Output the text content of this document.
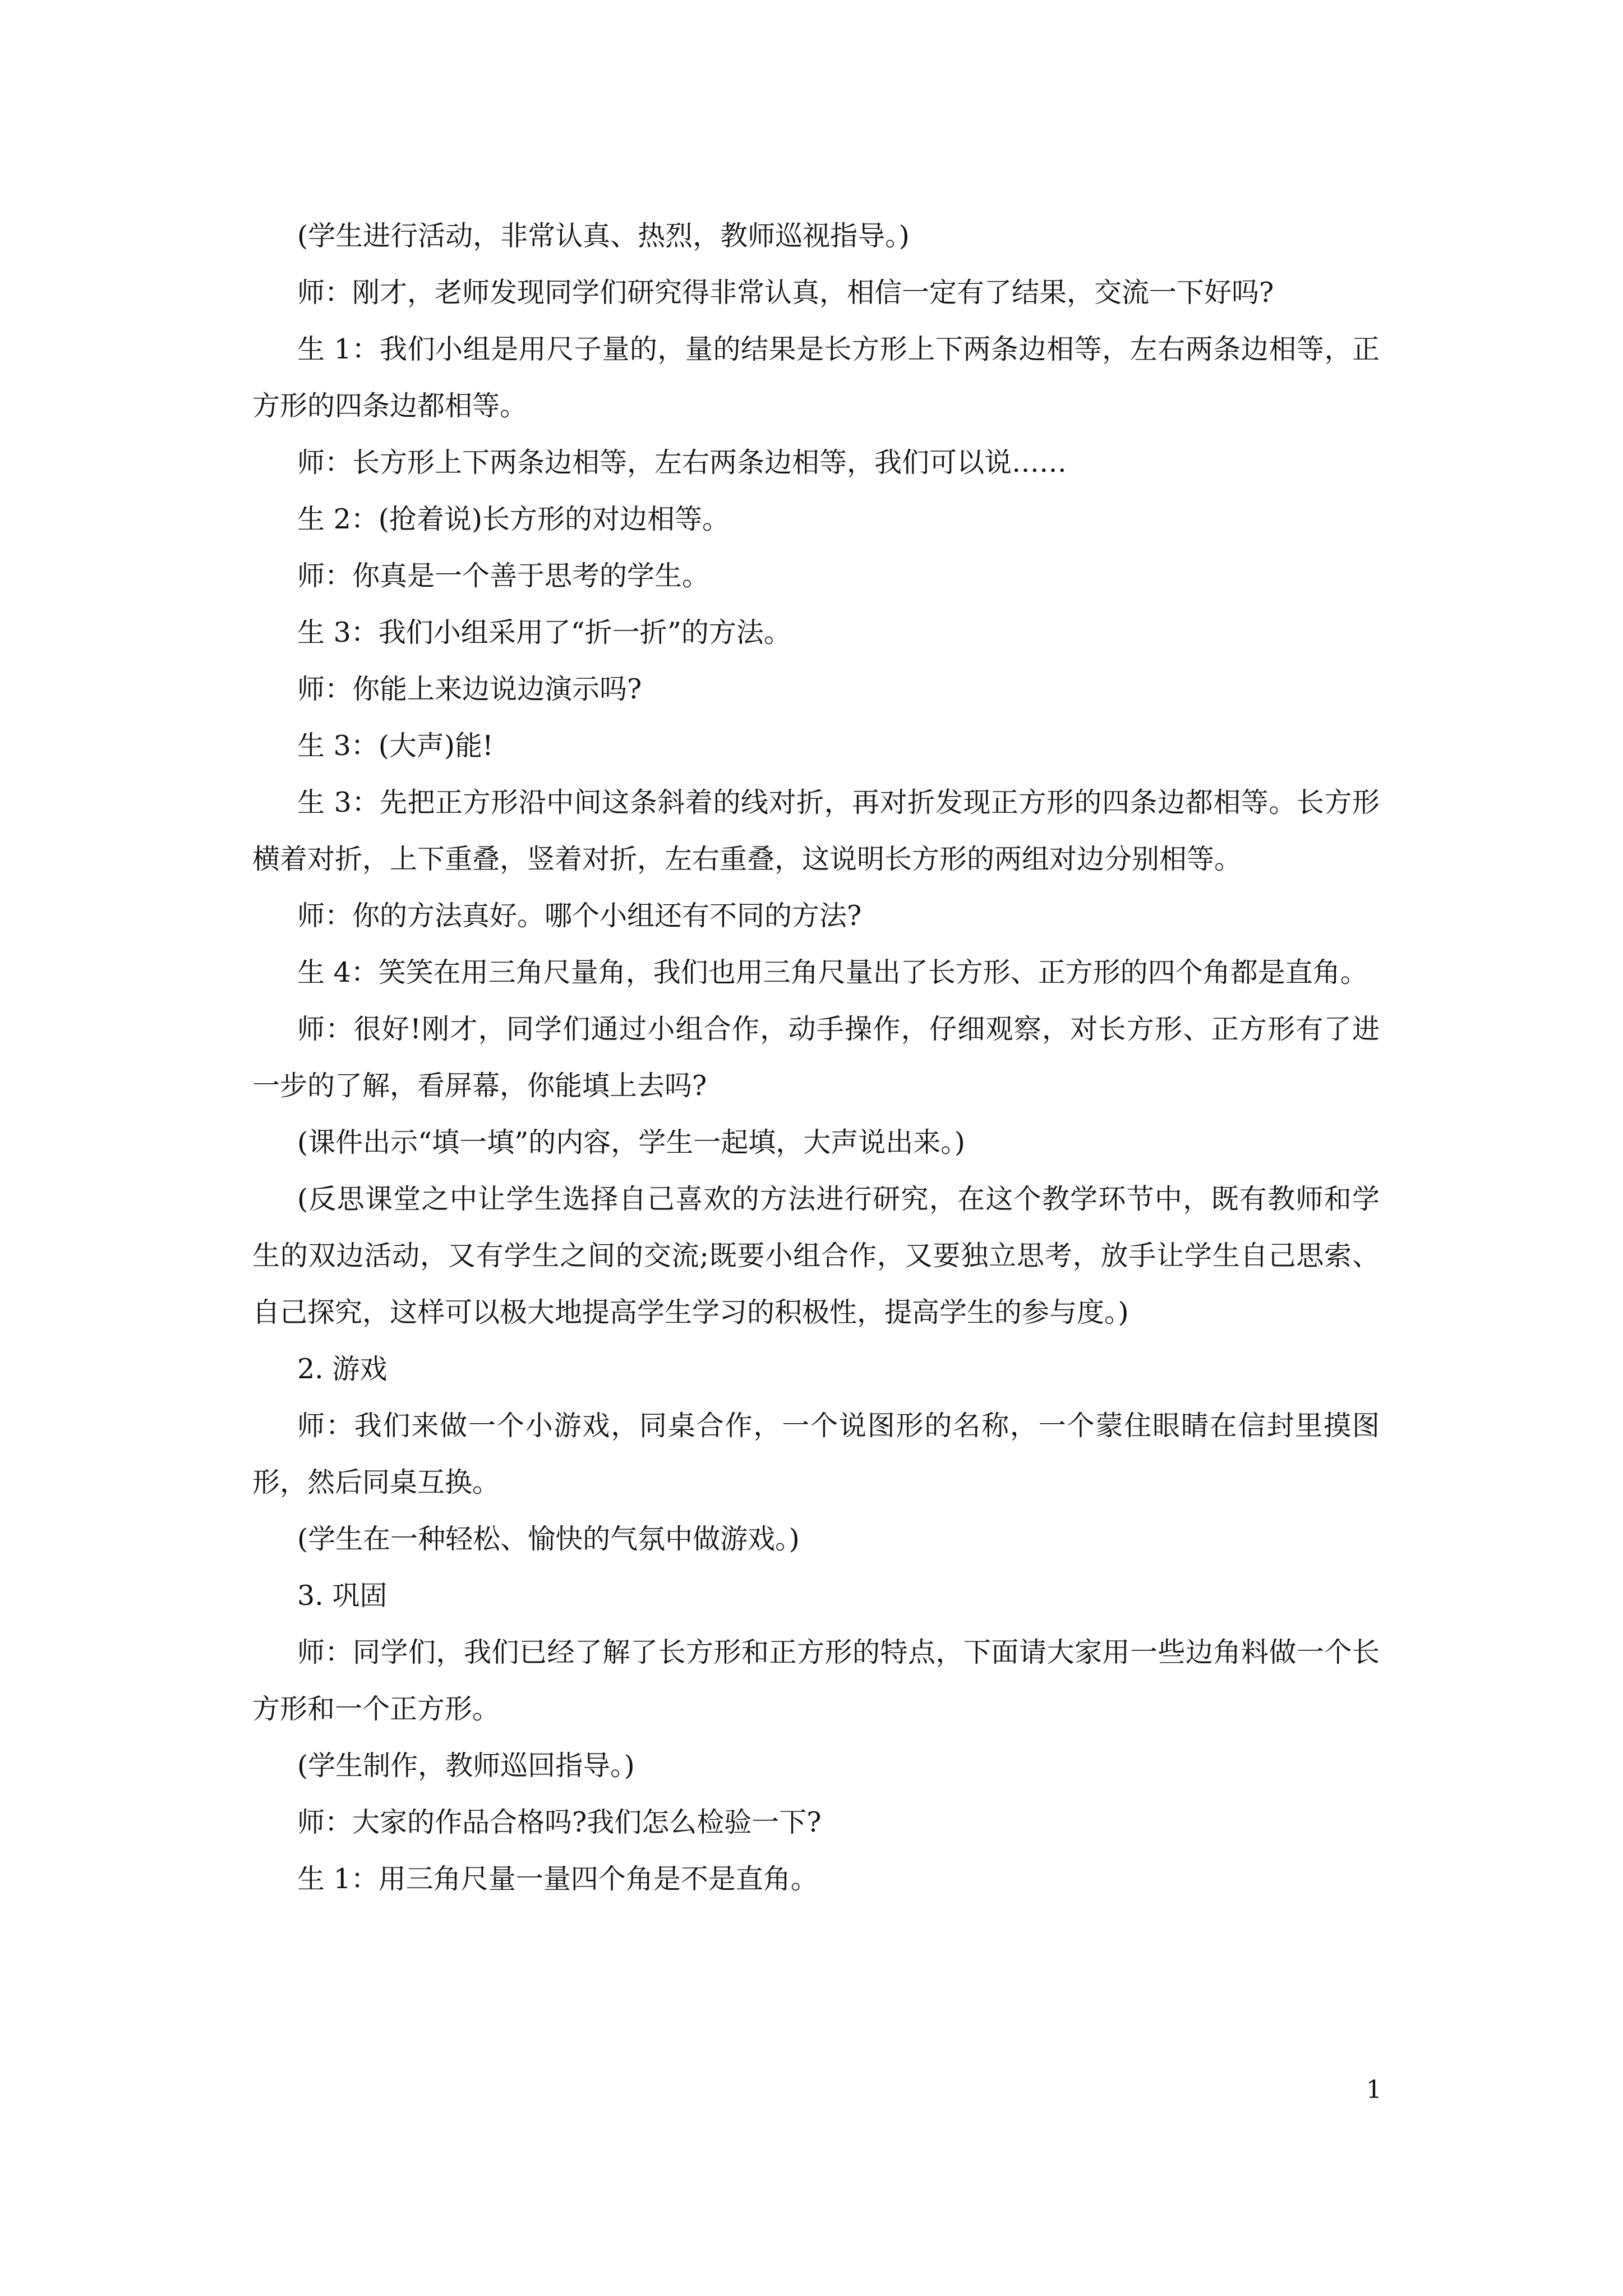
(学生进行活动，非常认真、热烈，教师巡视指导。)

师：刚才，老师发现同学们研究得非常认真，相信一定有了结果，交流一下好吗?

生 1：我们小组是用尺子量的，量的结果是长方形上下两条边相等，左右两条边相等，正方形的四条边都相等。

师：长方形上下两条边相等，左右两条边相等，我们可以说……

生 2：(抢着说)长方形的对边相等。

师：你真是一个善于思考的学生。

生 3：我们小组采用了“折一折”的方法。

师：你能上来边说边演示吗?

生 3：(大声)能!

生 3：先把正方形沿中间这条斜着的线对折，再对折发现正方形的四条边都相等。长方形横着对折，上下重叠，竖着对折，左右重叠，这说明长方形的两组对边分别相等。

师：你的方法真好。哪个小组还有不同的方法?

生 4：笑笑在用三角尺量角，我们也用三角尺量出了长方形、正方形的四个角都是直角。

师：很好!刚才，同学们通过小组合作，动手操作，仔细观察，对长方形、正方形有了进一步的了解，看屏幕，你能填上去吗?

(课件出示“填一填”的内容，学生一起填，大声说出来。)

(反思课堂之中让学生选择自己喜欢的方法进行研究，在这个教学环节中，既有教师和学生的双边活动，又有学生之间的交流;既要小组合作，又要独立思考，放手让学生自己思索、自己探究，这样可以极大地提高学生学习的积极性，提高学生的参与度。)

2. 游戏

师：我们来做一个小游戏，同桌合作，一个说图形的名称，一个蒙住眼睛在信封里摸图形，然后同桌互换。

(学生在一种轻松、愉快的气氛中做游戏。)

3. 巩固

师：同学们，我们已经了解了长方形和正方形的特点，下面请大家用一些边角料做一个长方形和一个正方形。

(学生制作，教师巡回指导。)

师：大家的作品合格吗?我们怎么检验一下?

生 1：用三角尺量一量四个角是不是直角。

1
